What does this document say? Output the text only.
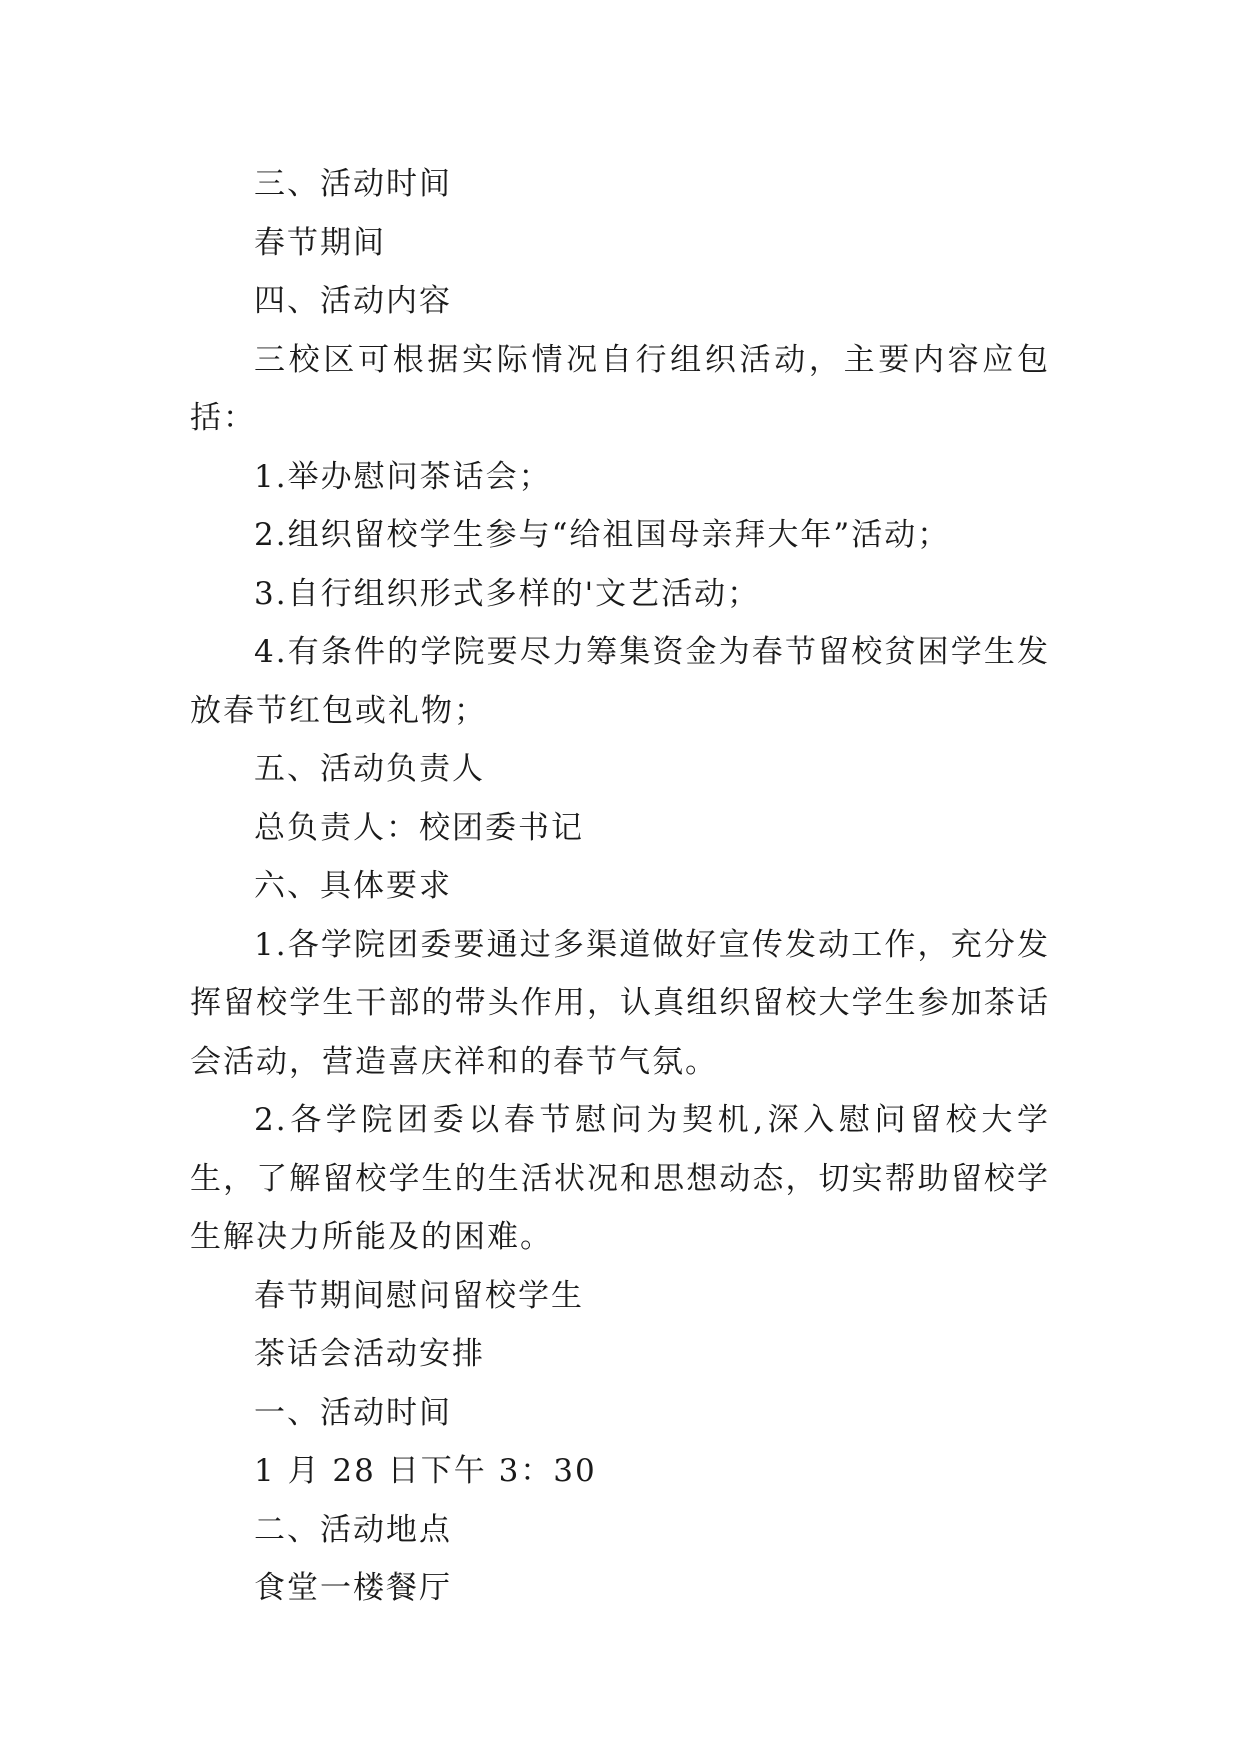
三、活动时间

春节期间

四、活动内容

三校区可根据实际情况自行组织活动，主要内容应包括：

1.举办慰问茶话会；

2.组织留校学生参与“给祖国母亲拜大年”活动；

3.自行组织形式多样的'文艺活动；

4.有条件的学院要尽力筹集资金为春节留校贫困学生发放春节红包或礼物；

五、活动负责人

总负责人：校团委书记

六、具体要求

1.各学院团委要通过多渠道做好宣传发动工作，充分发挥留校学生干部的带头作用，认真组织留校大学生参加茶话会活动，营造喜庆祥和的春节气氛。

2.各学院团委以春节慰问为契机,深入慰问留校大学生，了解留校学生的生活状况和思想动态，切实帮助留校学生解决力所能及的困难。

春节期间慰问留校学生

茶话会活动安排

一、活动时间

1 月 28 日下午 3：30

二、活动地点

食堂一楼餐厅
